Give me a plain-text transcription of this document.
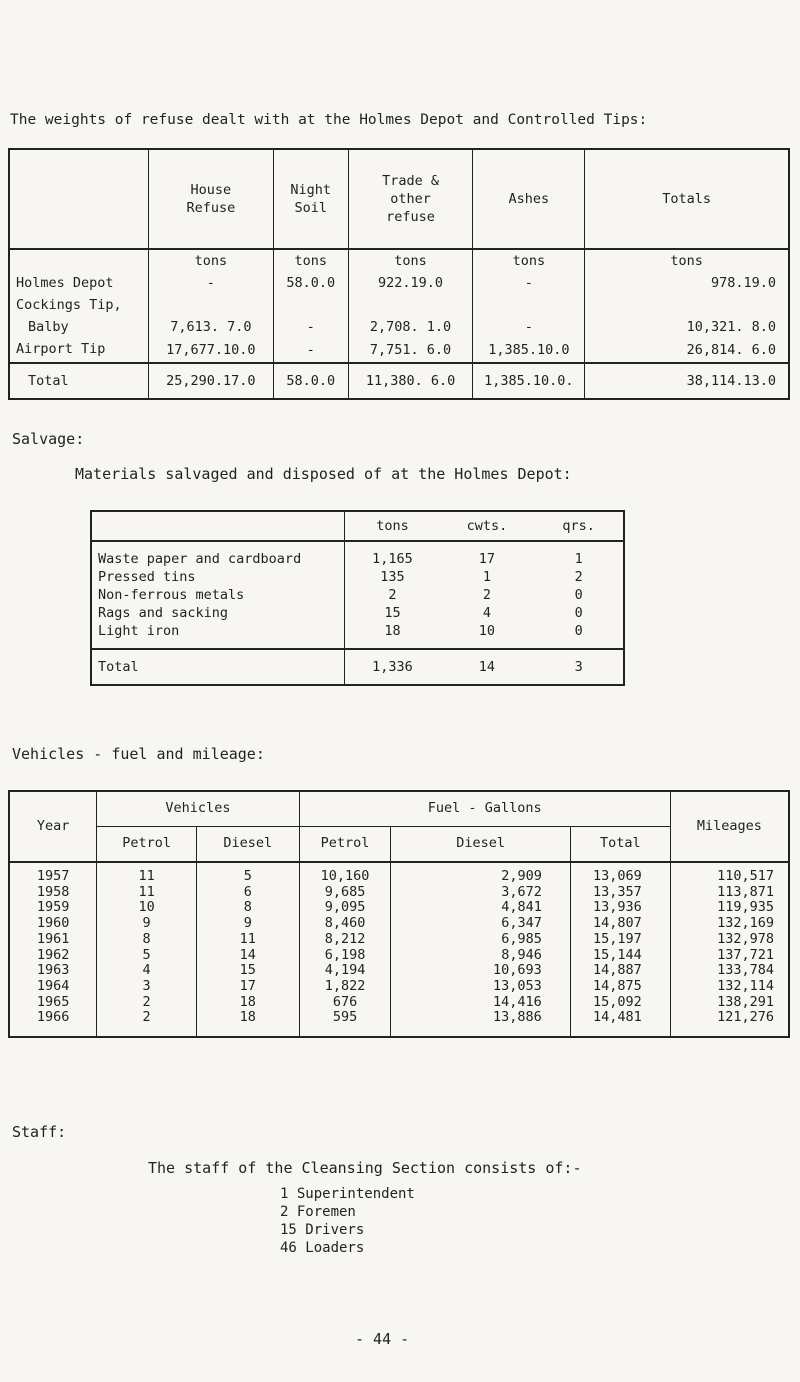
The weights of refuse dealt with at the Holmes Depot and Controlled Tips:

	House Refuse	Night Soil	Trade & other refuse	Ashes	Totals
	tons	tons	tons	tons	tons
Holmes Depot	-	58.0.0	922.19.0	-	978.19.0
Cockings Tip,					
Balby	7,613. 7.0	-	2,708. 1.0	-	10,321. 8.0
Airport Tip	17,677.10.0	-	7,751. 6.0	1,385.10.0	26,814. 6.0
Total	25,290.17.0	58.0.0	11,380. 6.0	1,385.10.0.	38,114.13.0
Salvage:
Materials salvaged and disposed of at the Holmes Depot:
	tons	cwts.	qrs.
Waste paper and cardboard	1,165	17	1
Pressed tins	135	1	2
Non-ferrous metals	2	2	0
Rags and sacking	15	4	0
Light iron	18	10	0
Total	1,336	14	3
Vehicles - fuel and mileage:
Year	Vehicles		Fuel - Gallons			Mileages
	Petrol	Diesel	Petrol	Diesel	Total	
1957	11	5	10,160	2,909	13,069	110,517
1958	11	6	9,685	3,672	13,357	113,871
1959	10	8	9,095	4,841	13,936	119,935
1960	9	9	8,460	6,347	14,807	132,169
1961	8	11	8,212	6,985	15,197	132,978
1962	5	14	6,198	8,946	15,144	137,721
1963	4	15	4,194	10,693	14,887	133,784
1964	3	17	1,822	13,053	14,875	132,114
1965	2	18	676	14,416	15,092	138,291
1966	2	18	595	13,886	14,481	121,276
Staff:
The staff of the Cleansing Section consists of:-
1 Superintendent
2 Foremen
15 Drivers
46 Loaders
- 44 -
